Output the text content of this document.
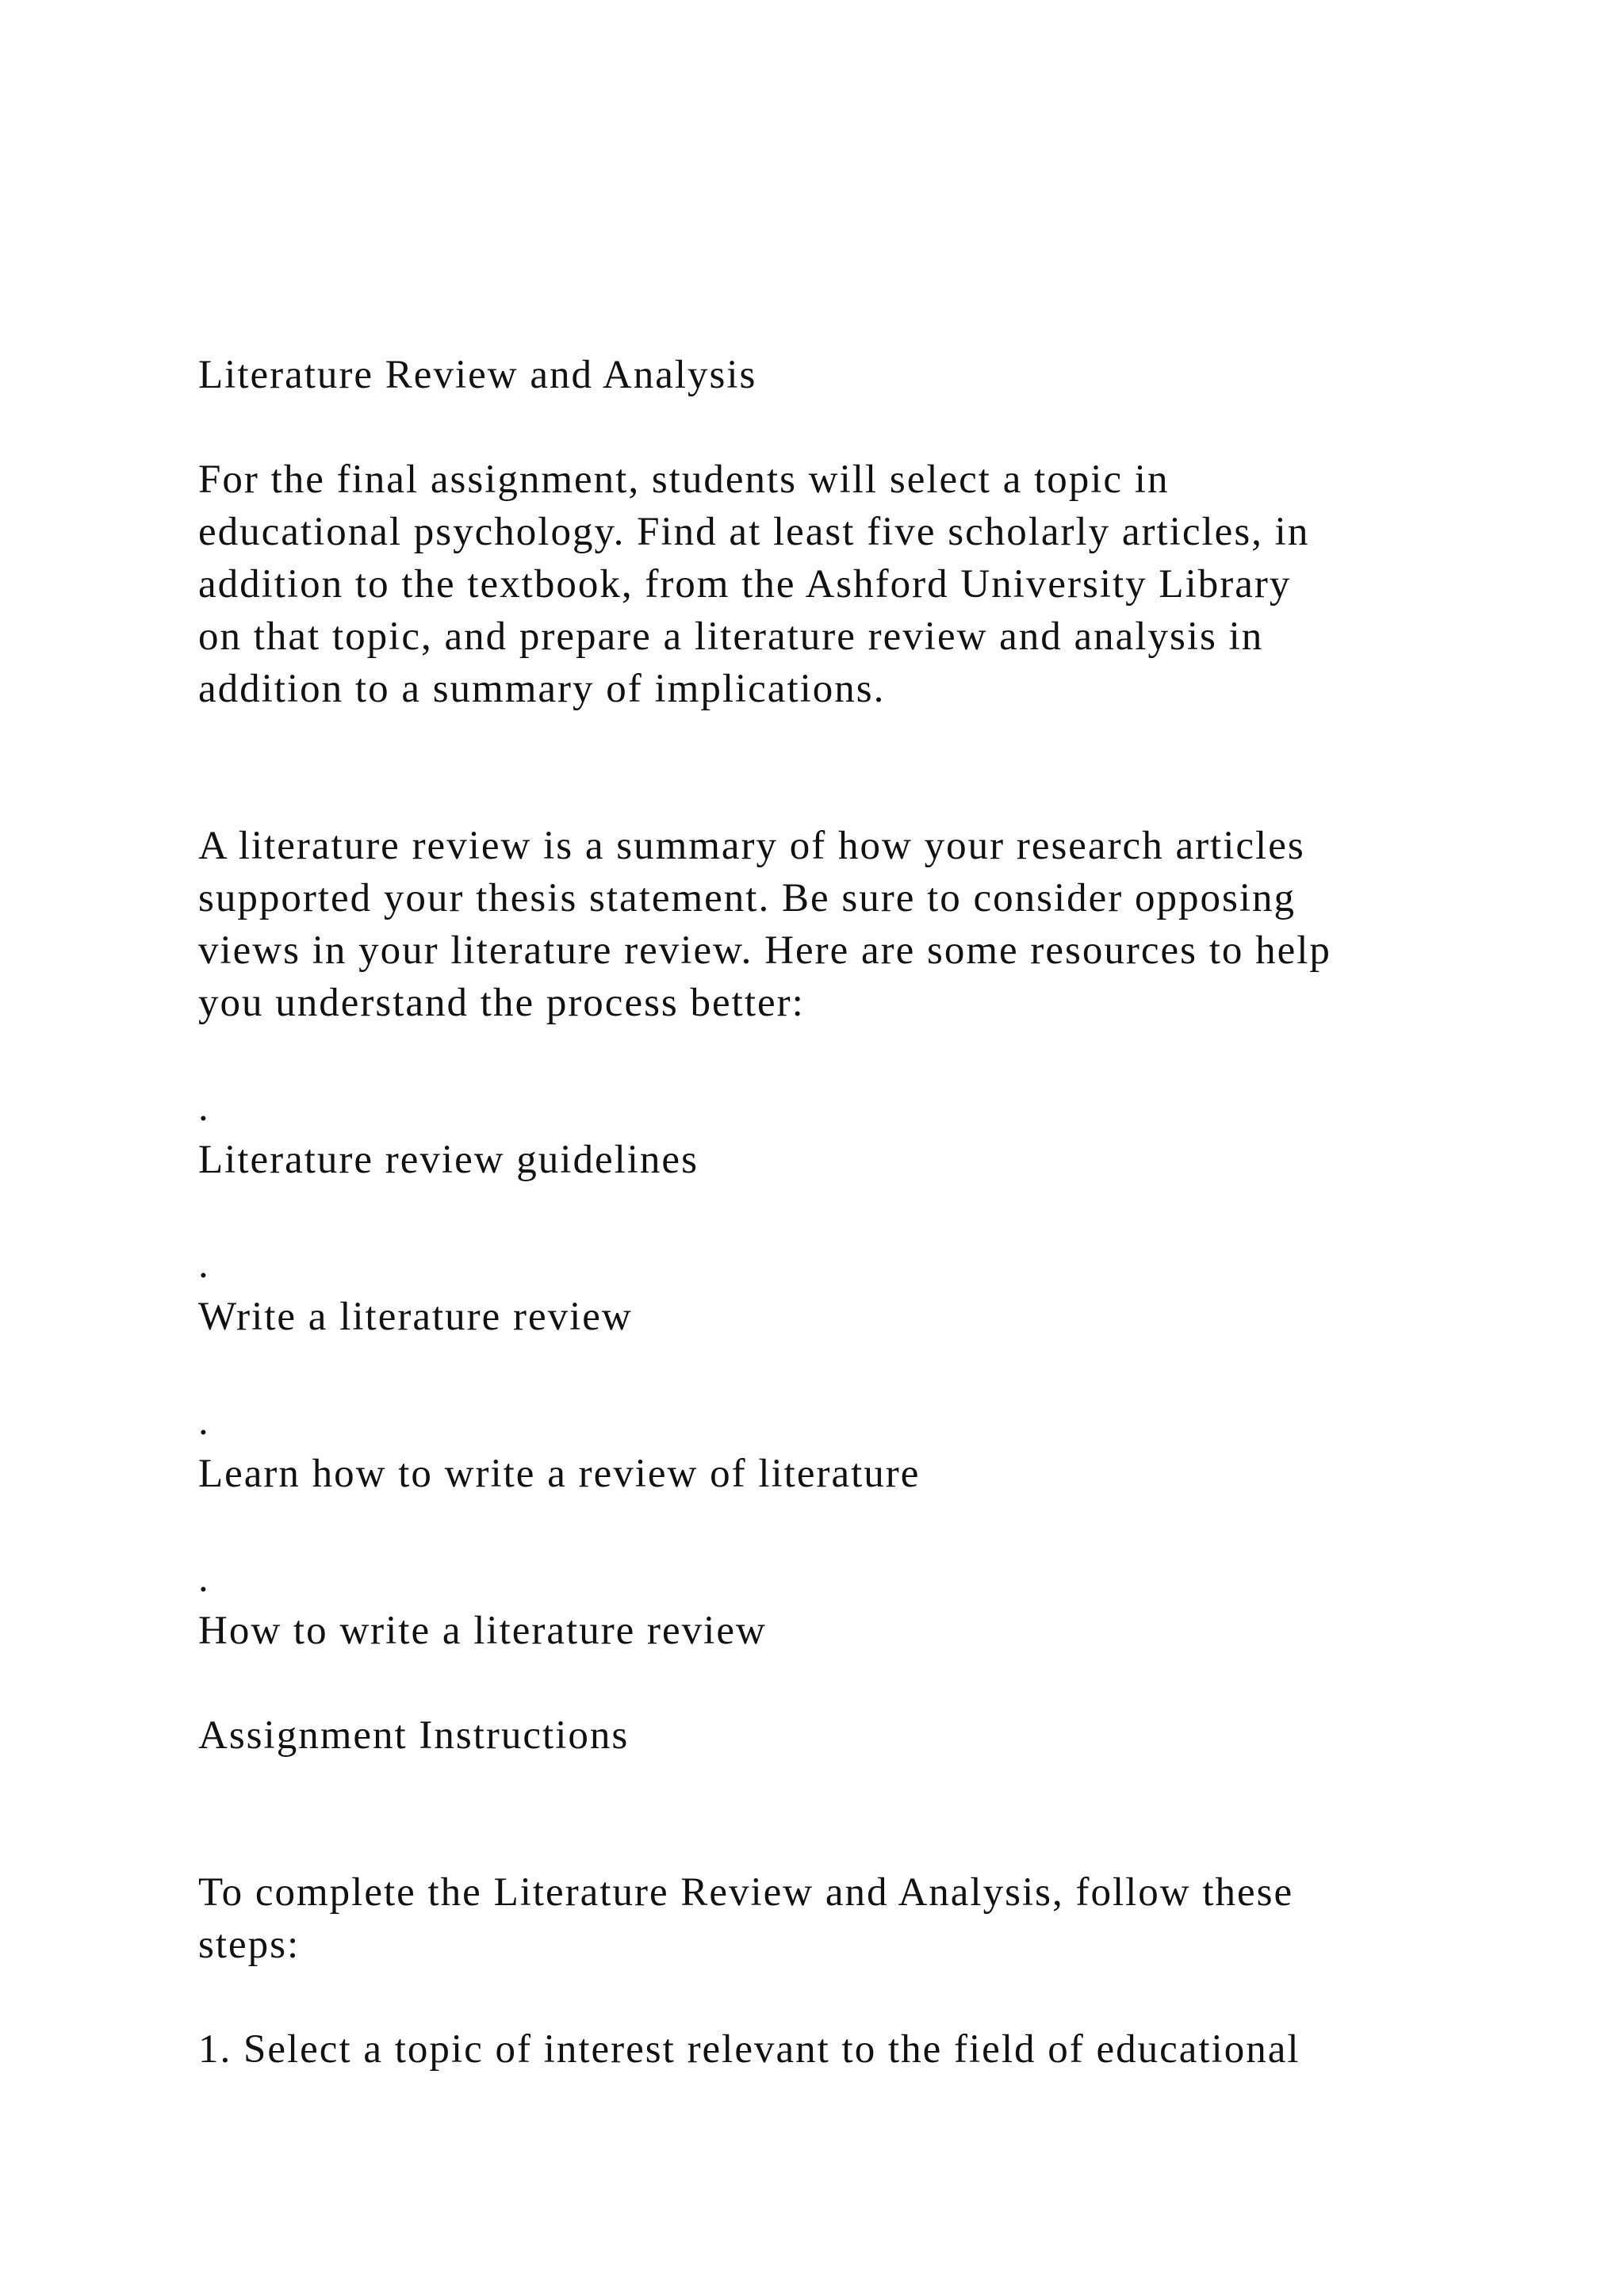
Literature Review and Analysis
For the final assignment, students will select a topic in
educational psychology. Find at least five scholarly articles, in
addition to the textbook, from the Ashford University Library
on that topic, and prepare a literature review and analysis in
addition to a summary of implications.
A literature review is a summary of how your research articles
supported your thesis statement. Be sure to consider opposing
views in your literature review. Here are some resources to help
you understand the process better:
.
Literature review guidelines
.
Write a literature review
.
Learn how to write a review of literature
.
How to write a literature review
Assignment Instructions
To complete the Literature Review and Analysis, follow these
steps:
1. Select a topic of interest relevant to the field of educational
